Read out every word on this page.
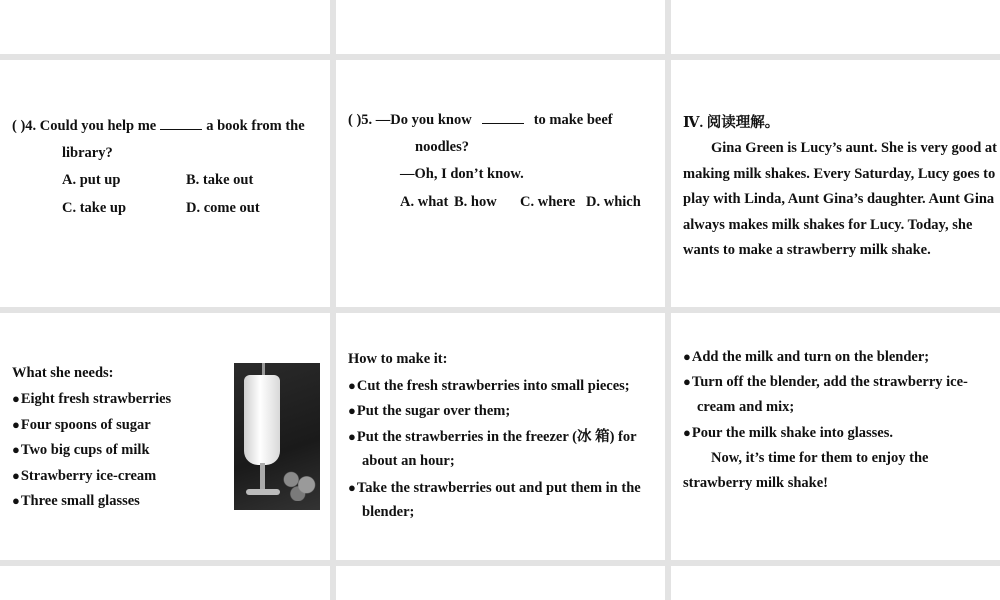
( )4. Could you help me	a book from the
library?
A. put up	B. take out
C. take up	D. come out
( )5. —Do you know	to make beef
noodles?
—Oh, I don’t know.
A. what B. how C. where D. which
Ⅳ. 阅读理解。
Gina Green is Lucy’s aunt. She is very good at
making milk shakes. Every Saturday, Lucy goes to
play with Linda, Aunt Gina’s daughter. Aunt Gina
always makes milk shakes for Lucy. Today, she
wants to make a strawberry milk shake.
What she needs:
●Eight fresh strawberries
●Four spoons of sugar
●Two big cups of milk
●Strawberry ice-cream
●Three small glasses
How to make it:
●Cut the fresh strawberries into small pieces;
●Put the sugar over them;
●Put the strawberries in the freezer (冰 箱) for
about an hour;
●Take the strawberries out and put them in the
blender;
●Add the milk and turn on the blender;
●Turn off the blender, add the strawberry ice-
cream and mix;
●Pour the milk shake into glasses.
Now, it’s time for them to enjoy the
strawberry milk shake!
